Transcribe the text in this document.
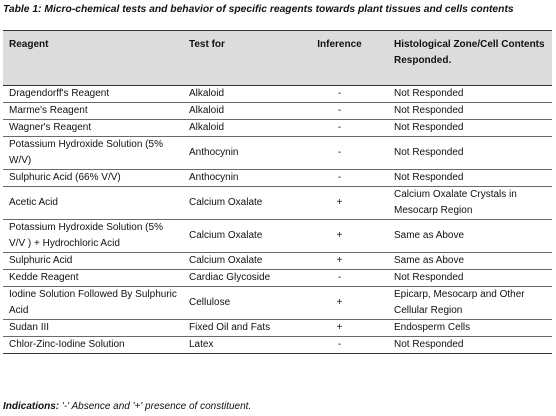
Table 1: Micro-chemical tests and behavior of specific reagents towards plant tissues and cells contents
Reagent	Test for	Inference	Histological Zone/Cell Contents Responded.
Dragendorff's Reagent	Alkaloid	-	Not Responded
Marme's Reagent	Alkaloid	-	Not Responded
Wagner's Reagent	Alkaloid	-	Not Responded
Potassium Hydroxide Solution (5% W/V)	Anthocynin	-	Not Responded
Sulphuric Acid (66% V/V)	Anthocynin	-	Not Responded
Acetic Acid	Calcium Oxalate	+	Calcium Oxalate Crystals in Mesocarp Region
Potassium Hydroxide Solution (5% V/V ) + Hydrochloric Acid	Calcium Oxalate	+	Same as Above
Sulphuric Acid	Calcium Oxalate	+	Same as Above
Kedde Reagent	Cardiac Glycoside	-	Not Responded
Iodine Solution Followed By Sulphuric Acid	Cellulose	+	Epicarp, Mesocarp and Other Cellular Region
Sudan III	Fixed Oil and Fats	+	Endosperm Cells
Chlor-Zinc-Iodine Solution	Latex	-	Not Responded
Indications: '-' Absence and '+' presence of constituent.
